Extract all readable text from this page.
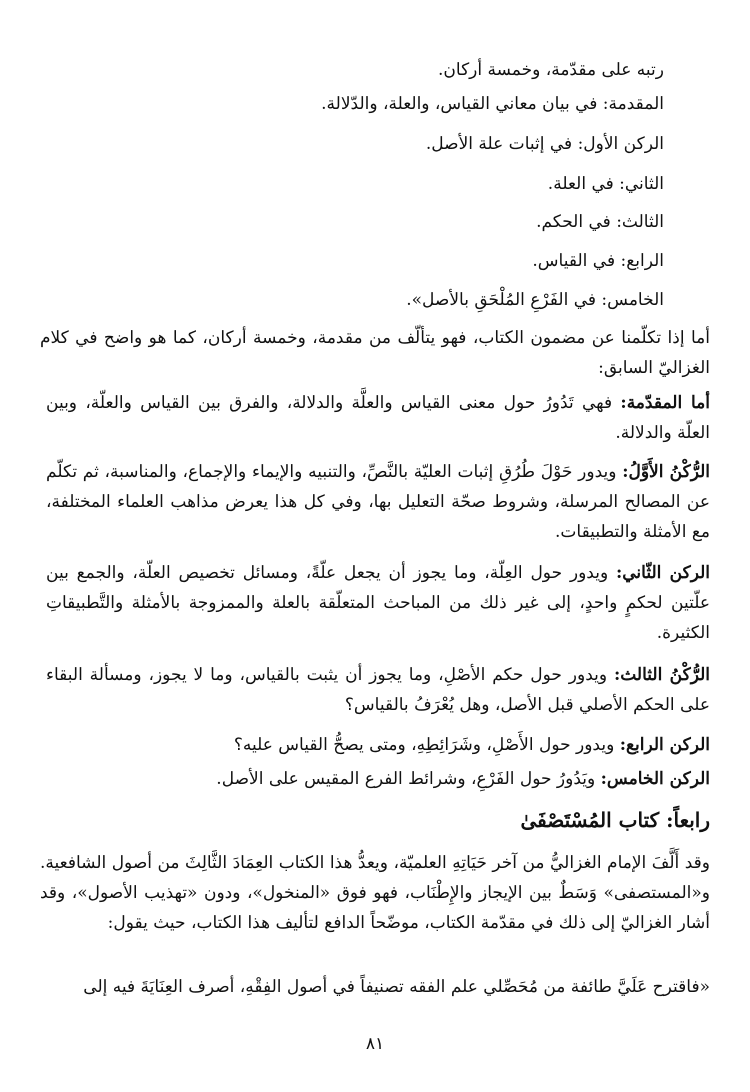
رتبه على مقدّمة، وخمسة أركان.
المقدمة: في بيان معاني القياس، والعلة، والدّلالة.
الركن الأول: في إثبات علة الأصل.
الثاني: في العلة.
الثالث: في الحكم.
الرابع: في القياس.
الخامس: في الفَرْعِ المُلْحَقِ بالأصل».
أما إذا تكلّمنا عن مضمون الكتاب، فهو يتألّف من مقدمة، وخمسة أركان، كما هو واضح في كلام الغزاليّ السابق:
أما المقدّمة: فهي تَدُورُ حول معنى القياس والعلَّة والدلالة، والفرق بين القياس والعلّة، وبين العلّة والدلالة.
الرُّكْنُ الأَوَّلُ: ويدور حَوْلَ طُرُقِ إثبات العليّة بالنَّصِّ، والتنبيه والإيماء والإجماع، والمناسبة، ثم تكلّم عن المصالح المرسلة، وشروط صحّة التعليل بها، وفي كل هذا يعرض مذاهب العلماء المختلفة، مع الأمثلة والتطبيقات.
الركن الثّاني: ويدور حول العِلّة، وما يجوز أن يجعل علّةً، ومسائل تخصيص العلّة، والجمع بين علّتين لحكمٍ واحدٍ، إلى غير ذلك من المباحث المتعلّقة بالعلة والممزوجة بالأمثلة والتَّطبيقاتِ الكثيرة.
الرُّكْنُ الثالث: ويدور حول حكم الأصْلِ، وما يجوز أن يثبت بالقياس، وما لا يجوز، ومسألة البقاء على الحكم الأصلي قبل الأصل، وهل يُعْرَفُ بالقياس؟
الركن الرابع: ويدور حول الأَصْلِ، وشَرَائِطِهِ، ومتى يصحُّ القياس عليه؟
الركن الخامس: ويَدُورُ حول الفَرْعِ، وشرائط الفرع المقيس على الأصل.
رابعاً: كتاب المُسْتَصْفَىٰ
وقد أَلَّفَ الإمام الغزاليُّ من آخر حَيَاتِهِ العلميّة، ويعدُّ هذا الكتاب العِمَادَ الثَّالِثَ من أصول الشافعية. و«المستصفى» وَسَطٌ بين الإيجاز والإِطْنَاب، فهو فوق «المنخول»، ودون «تهذيب الأصول»، وقد أشار الغزاليّ إلى ذلك في مقدّمة الكتاب، موضّحاً الدافع لتأليف هذا الكتاب، حيث يقول:
«فاقترح عَلَيَّ طائفة من مُحَصِّلي علم الفقه تصنيفاً في أصول الفِقْهِ، أصرف العِنَايَةَ فيه إلى
٨١
